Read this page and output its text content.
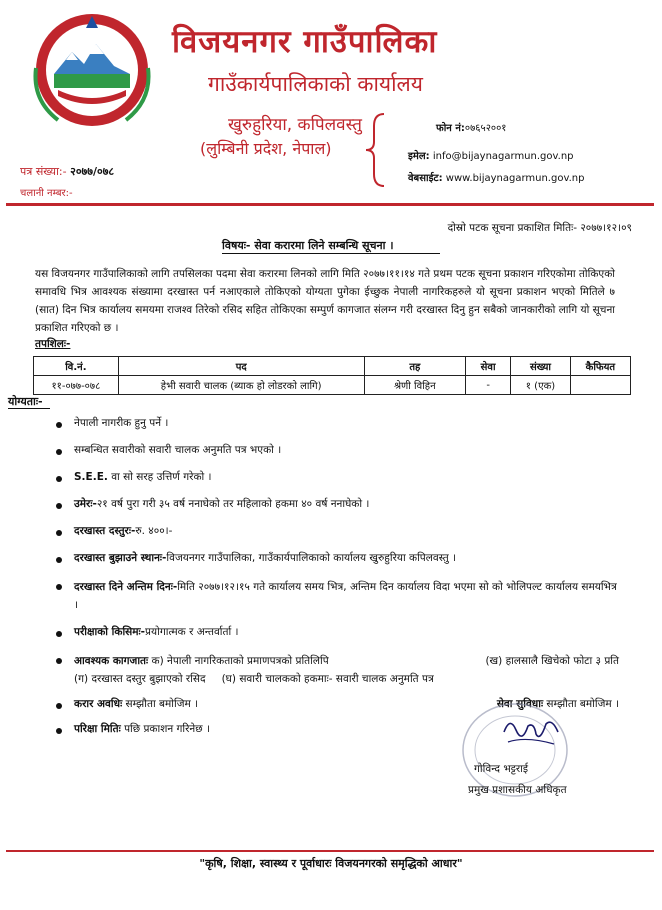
विजयनगर गाउँपालिका
गाउँकार्यपालिकाको कार्यालय
खुरुहुरिया, कपिलवस्तु
(लुम्बिनी प्रदेश, नेपाल)
फोन नं:०७६५२००१
इमेल: info@bijaynagarmun.gov.np
वेबसाईट: www.bijaynagarmun.gov.np
पत्र संख्या:- २०७७/०७८
चलानी नम्बर:-
दोस्रो पटक सूचना प्रकाशित मितिः- २०७७।१२।०९
विषयः- सेवा करारमा लिने सम्बन्धि सूचना ।
यस विजयनगर गाउँपालिकाको लागि तपसिलका पदमा सेवा करारमा लिनको लागि मिति २०७७।११।१४ गते प्रथम पटक सूचना प्रकाशन गरिएकोमा तोकिएको समावधि भित्र आवश्यक संख्यामा दरखास्त पर्न नआएकाले तोकिएको योग्यता पुगेका ईच्छुक नेपाली नागरिकहरुले यो सूचना प्रकाशन भएको मितिले ७ (सात) दिन भित्र कार्यालय समयमा राजश्व तिरेको रसिद सहित तोकिएका सम्पुर्ण कागजात संलग्न गरी दरखास्त दिनु हुन सबैको जानकारीको लागि यो सूचना प्रकाशित गरिएको छ ।
तपशिलः-
वि.नं.	पद	तह	सेवा	संख्या	कैफियत
११-०७७-०७८	हेभी सवारी चालक (ब्याक हो लोडरको लागि)	श्रेणी विहिन	-	१ (एक)	
योग्यताः-
नेपाली नागरीक हुनु पर्ने ।
सम्बन्धित सवारीको सवारी चालक अनुमति पत्र भएको ।
S.E.E. वा सो सरह उत्तिर्ण गरेको ।
उमेरः-२१ वर्ष पुरा गरी ३५ वर्ष ननाघेको तर महिलाको हकमा ४० वर्ष ननाघेको ।
दरखास्त दस्तुरः-रु. ४००।-
दरखास्त बुझाउने स्थानः-विजयनगर गाउँपालिका, गाउँकार्यपालिकाको कार्यालय खुरुहुरिया कपिलवस्तु ।
दरखास्त दिने अन्तिम दिनः-मिति २०७७।१२।१५ गते कार्यालय समय भित्र, अन्तिम दिन कार्यालय विदा भएमा सो को भोलिपल्ट कार्यालय समयभित्र ।
परीक्षाको किसिमः-प्रयोगात्मक र अन्तर्वार्ता ।
आवश्यक कागजातः क) नेपाली नागरिकताको प्रमाणपत्रको प्रतिलिपि	(ख) हालसालै खिचेको फोटा ३ प्रति
(ग) दरखास्त दस्तुर बुझाएको रसिद (घ) सवारी चालकको हकमाः- सवारी चालक अनुमति पत्र
करार अवधिः सम्झौता बमोजिम ।	सेवा सुविधाः सम्झौता बमोजिम ।
परिक्षा मितिः पछि प्रकाशन गरिनेछ ।
गोविन्द भट्टराई
प्रमुख प्रशासकीय अधिकृत
"कृषि, शिक्षा, स्वास्थ्य र पूर्वाधारः विजयनगरको समृद्धिको आधार"
